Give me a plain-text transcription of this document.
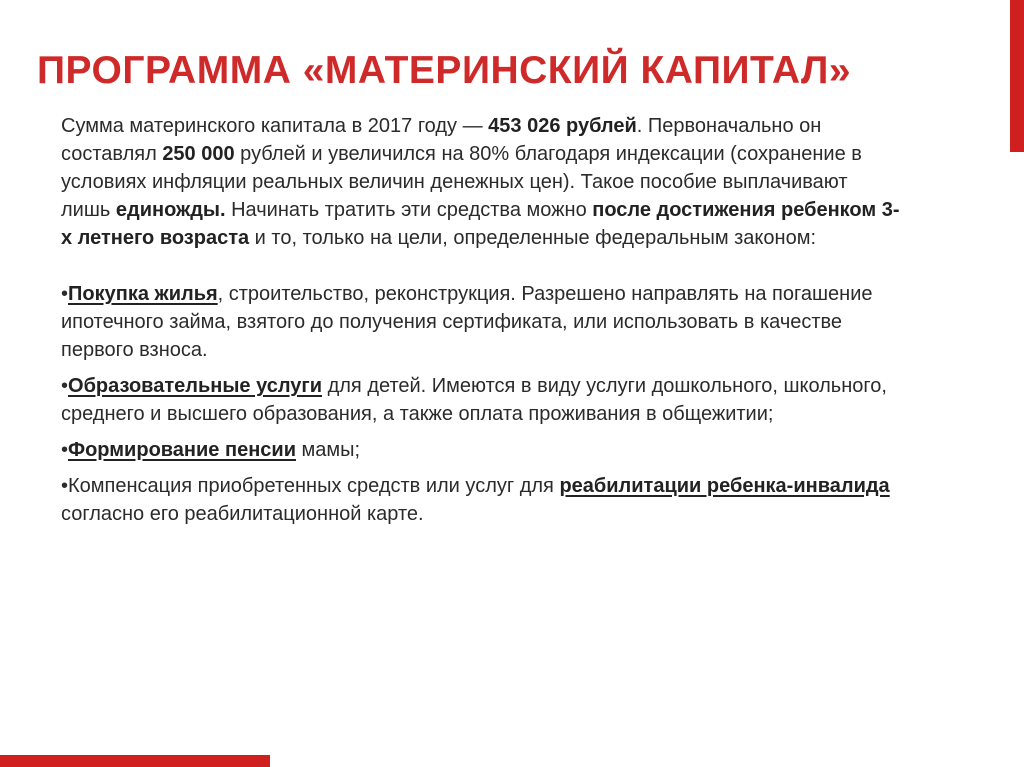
ПРОГРАММА «МАТЕРИНСКИЙ КАПИТАЛ»

Сумма материнского капитала в 2017 году — 453 026 рублей. Первоначально он составлял 250 000 рублей и увеличился на 80% благодаря индексации (сохранение в условиях инфляции реальных величин денежных цен). Такое пособие выплачивают лишь единожды. Начинать тратить эти средства можно после достижения ребенком 3-х летнего возраста и то, только на цели, определенные федеральным законом:

•Покупка жилья, строительство, реконструкция. Разрешено направлять на погашение ипотечного займа, взятого до получения сертификата, или использовать в качестве первого взноса.

•Образовательные услуги для детей. Имеются в виду услуги дошкольного, школьного, среднего и высшего образования, а также оплата проживания в общежитии;

•Формирование пенсии мамы;

•Компенсация приобретенных средств или услуг для реабилитации ребенка-инвалида согласно его реабилитационной карте.
